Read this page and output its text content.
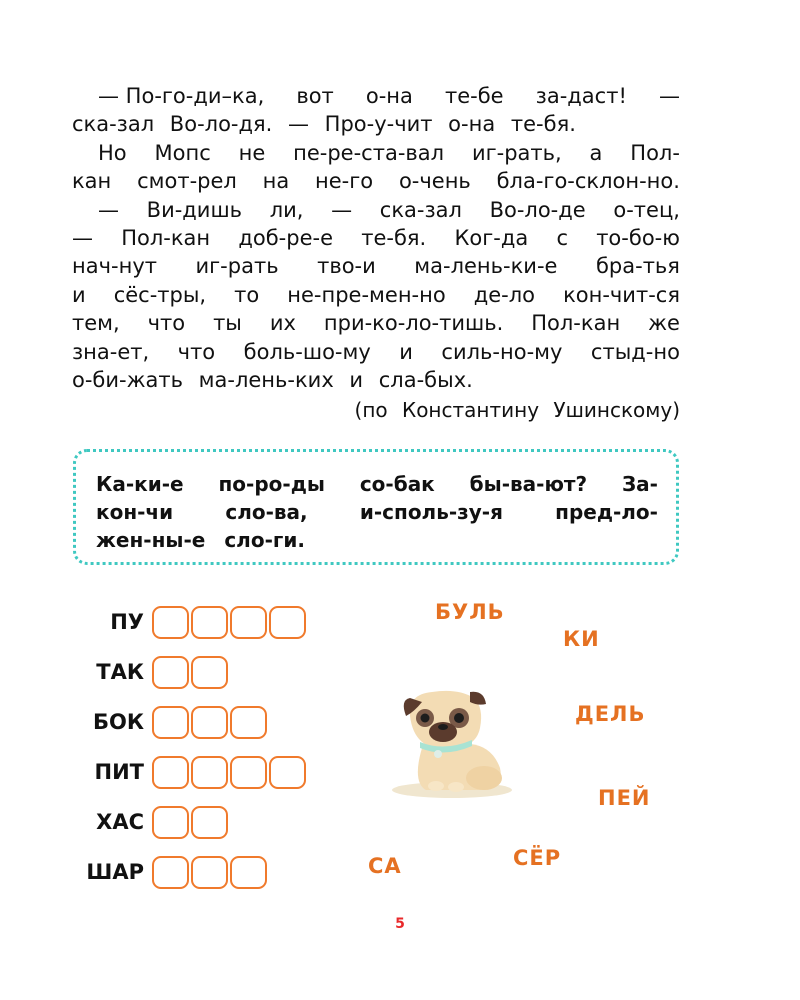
— По-го-ди–ка, вот о-на те-бе за-даст! —
ска-зал Во-ло-дя. — Про-у-чит о-на те-бя.
Но Мопс не пе-ре-ста-вал иг-рать, а Пол-
кан смот-рел на не-го о-чень бла-го-склон-но.
— Ви-дишь ли, — ска-зал Во-ло-де о-тец,
— Пол-кан доб-ре-е те-бя. Ког-да с то-бо-ю
нач-нут иг-рать тво-и ма-лень-ки-е бра-тья
и сёс-тры, то не-пре-мен-но де-ло кон-чит-ся
тем, что ты их при-ко-ло-тишь. Пол-кан же
зна-ет, что боль-шо-му и силь-но-му стыд-но
о-би-жать ма-лень-ких и сла-бых.
(по Константину Ушинскому)
Ка-ки-е по-ро-ды со-бак бы-ва-ют? За-
кон-чи	сло-ва,	и-споль-зу-я	пред-ло-
жен-ны-е сло-ги.
ПУ
ТАК
БОК
ПИТ
ХАС
ШАР
БУЛЬ
КИ
ДЕЛЬ
ПЕЙ
СЁР
СА
5
